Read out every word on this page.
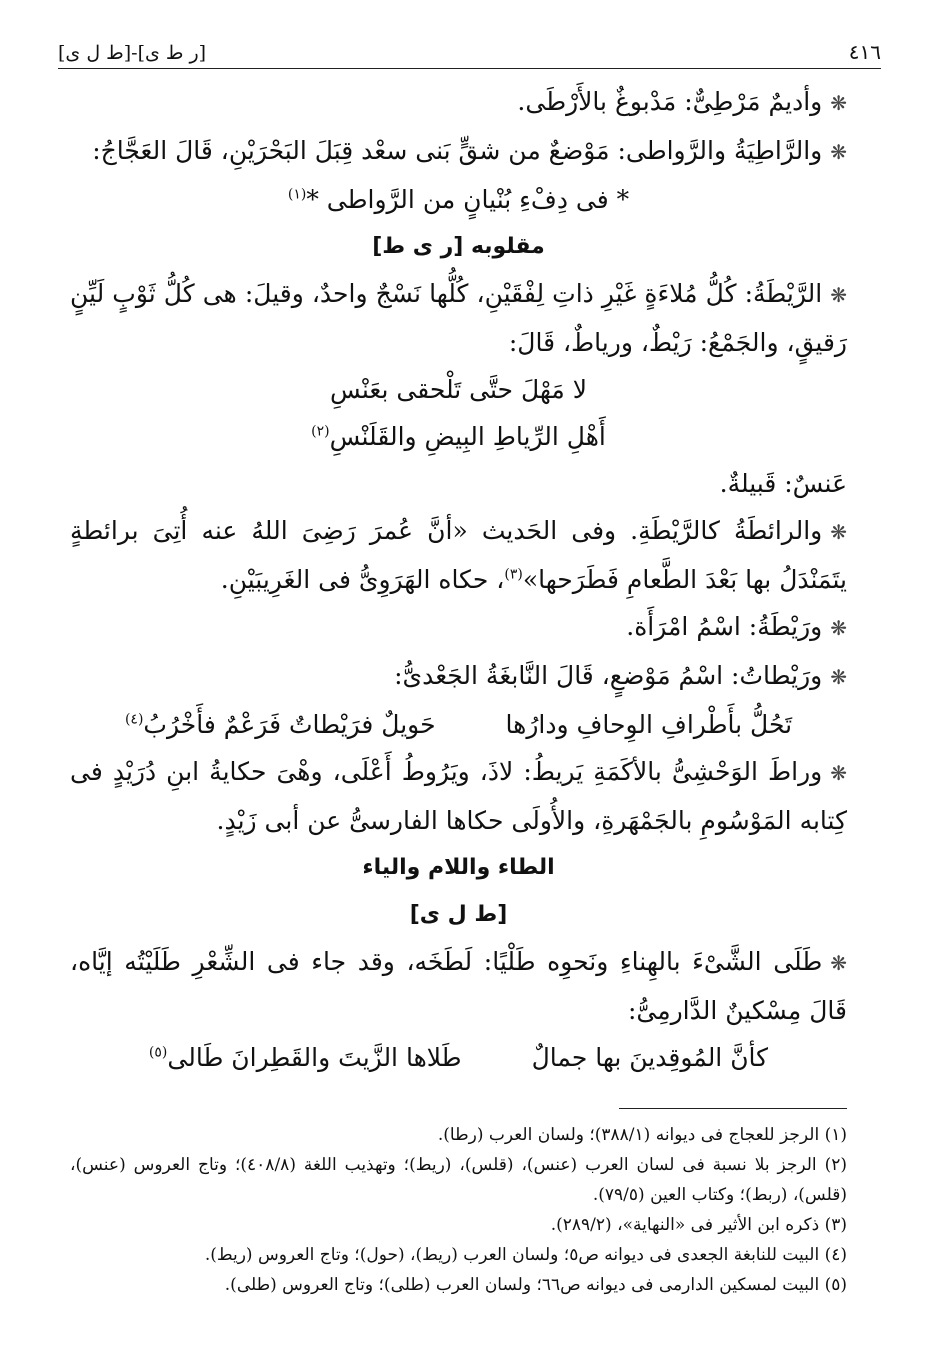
٤١٦
[ر ط ى]-[ط ل ى]

❋وأديمٌ مَرْطِىٌّ: مَدْبوغٌ بالأَرْطَى.

❋والرَّاطِيَةُ والرَّواطى: مَوْضعٌ من شقٍّ بَنى سعْد قِبَلَ البَحْرَيْنِ، قَالَ العَجَّاجُ:

* فى دِفْءِ بُنْيانٍ من الرَّواطى *$^{(١)}$

مقلوبه [ر ى ط]

❋الرَّيْطَةُ: كُلُّ مُلاءَةٍ غَيْرِ ذاتِ لِفْقَيْنِ، كُلُّها نَسْجٌ واحدٌ، وقيلَ: هى كُلُّ ثَوْبٍ لَيِّنٍ رَقيقٍ، والجَمْعُ: رَيْطٌ، ورياطٌ، قَالَ:

لا مَهْلَ حتَّى تَلْحقى بعَنْسِ

أَهْلِ الرِّياطِ البِيضِ والقَلَنْسِ$^{(٢)}$

عَنسٌ: قَبيلةٌ.

❋والرائطَةُ كالرَّيْطَةِ. وفى الحَديث «أنَّ عُمرَ رَضِىَ اللهُ عنه أُتِىَ برائطةٍ يتَمَنْدَلُ بها بَعْدَ الطَّعامِ فَطَرَحها»$^{(٣)}$، حكاه الهَرَوِىُّ فى الغَرِيبَيْنِ.

❋ورَيْطَةُ: اسْمُ امْرَأَة.

❋ورَيْطاتُ: اسْمُ مَوْضعٍ، قَالَ النَّابغَةُ الجَعْدىُّ:

تَحُلُّ بأَطْرافِ الوِحافِ ودارُها
حَويلٌ فرَيْطاتٌ فَرَعْمٌ فأَخْرُبُ$^{(٤)}$

❋وراطَ الوَحْشِىُّ بالأكَمَةِ يَريطُ: لاذَ، ويَرُوطُ أَعْلَى، وهْىَ حكايةُ ابنِ دُرَيْدٍ فى كِتابه المَوْسُومِ بالجَمْهَرةِ، والأُولَى حكاها الفارسىُّ عن أبى زَيْدٍ.

الطاء واللام والياء

[ط ل ى]

❋طَلَى الشَّىْءَ بالهِناءِ ونَحوِه طَلْيًا: لَطَخَه، وقد جاء فى الشِّعْرِ طَلَيْتُه إيَّاه، قَالَ مِسْكينٌ الدَّارمِىُّ:

كأنَّ المُوقِدينَ بها جمالٌ
طَلاها الزَّيتَ والقَطِرانَ طَالى$^{(٥)}$

(١) الرجز للعجاج فى ديوانه (٣٨٨/١)؛ ولسان العرب (رطا).

(٢) الرجز بلا نسبة فى لسان العرب (عنس)، (قلس)، (ريط)؛ وتهذيب اللغة (٤٠٨/٨)؛ وتاج العروس (عنس)، (قلس)، (ربط)؛ وكتاب العين (٧٩/٥).

(٣) ذكره ابن الأثير فى «النهاية»، (٢٨٩/٢).

(٤) البيت للنابغة الجعدى فى ديوانه ص٥؛ ولسان العرب (ريط)، (حول)؛ وتاج العروس (ريط).

(٥) البيت لمسكين الدارمى فى ديوانه ص٦٦؛ ولسان العرب (طلى)؛ وتاج العروس (طلى).
